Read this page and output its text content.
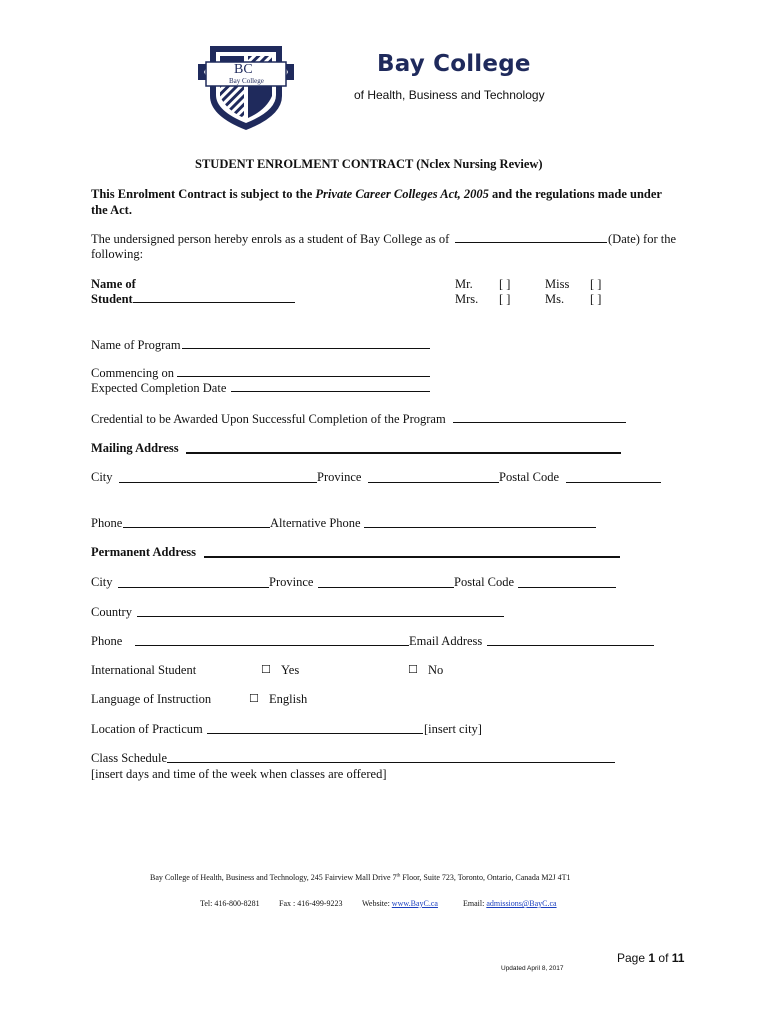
BC
Bay College
Bay College
of Health, Business and Technology
STUDENT ENROLMENT CONTRACT (Nclex Nursing Review)
This Enrolment Contract is subject to the Private Career Colleges Act, 2005 and the regulations made under
the Act.
The undersigned person hereby enrols as a student of Bay College as of	(Date) for the
following:
Name of
Student
Mr. [ ]	Miss [ ]
Mrs. [ ]	Ms. [ ]
Name of Program
Commencing on
Expected Completion Date
Credential to be Awarded Upon Successful Completion of the Program
Mailing Address
City	Province	Postal Code
Phone	Alternative Phone
Permanent Address
City	Province	Postal Code
Country
Phone	Email Address
International Student	☐ Yes	☐ No
Language of Instruction	☐ English
Location of Practicum	[insert city]
Class Schedule
[insert days and time of the week when classes are offered]
Bay College of Health, Business and Technology, 245 Fairview Mall Drive 7th Floor, Suite 723, Toronto, Ontario, Canada M2J 4T1
Tel: 416-800-8281 Fax : 416-499-9223 Website: www.BayC.ca	Email: admissions@BayC.ca
Page 1 of 11
Updated April 8, 2017
